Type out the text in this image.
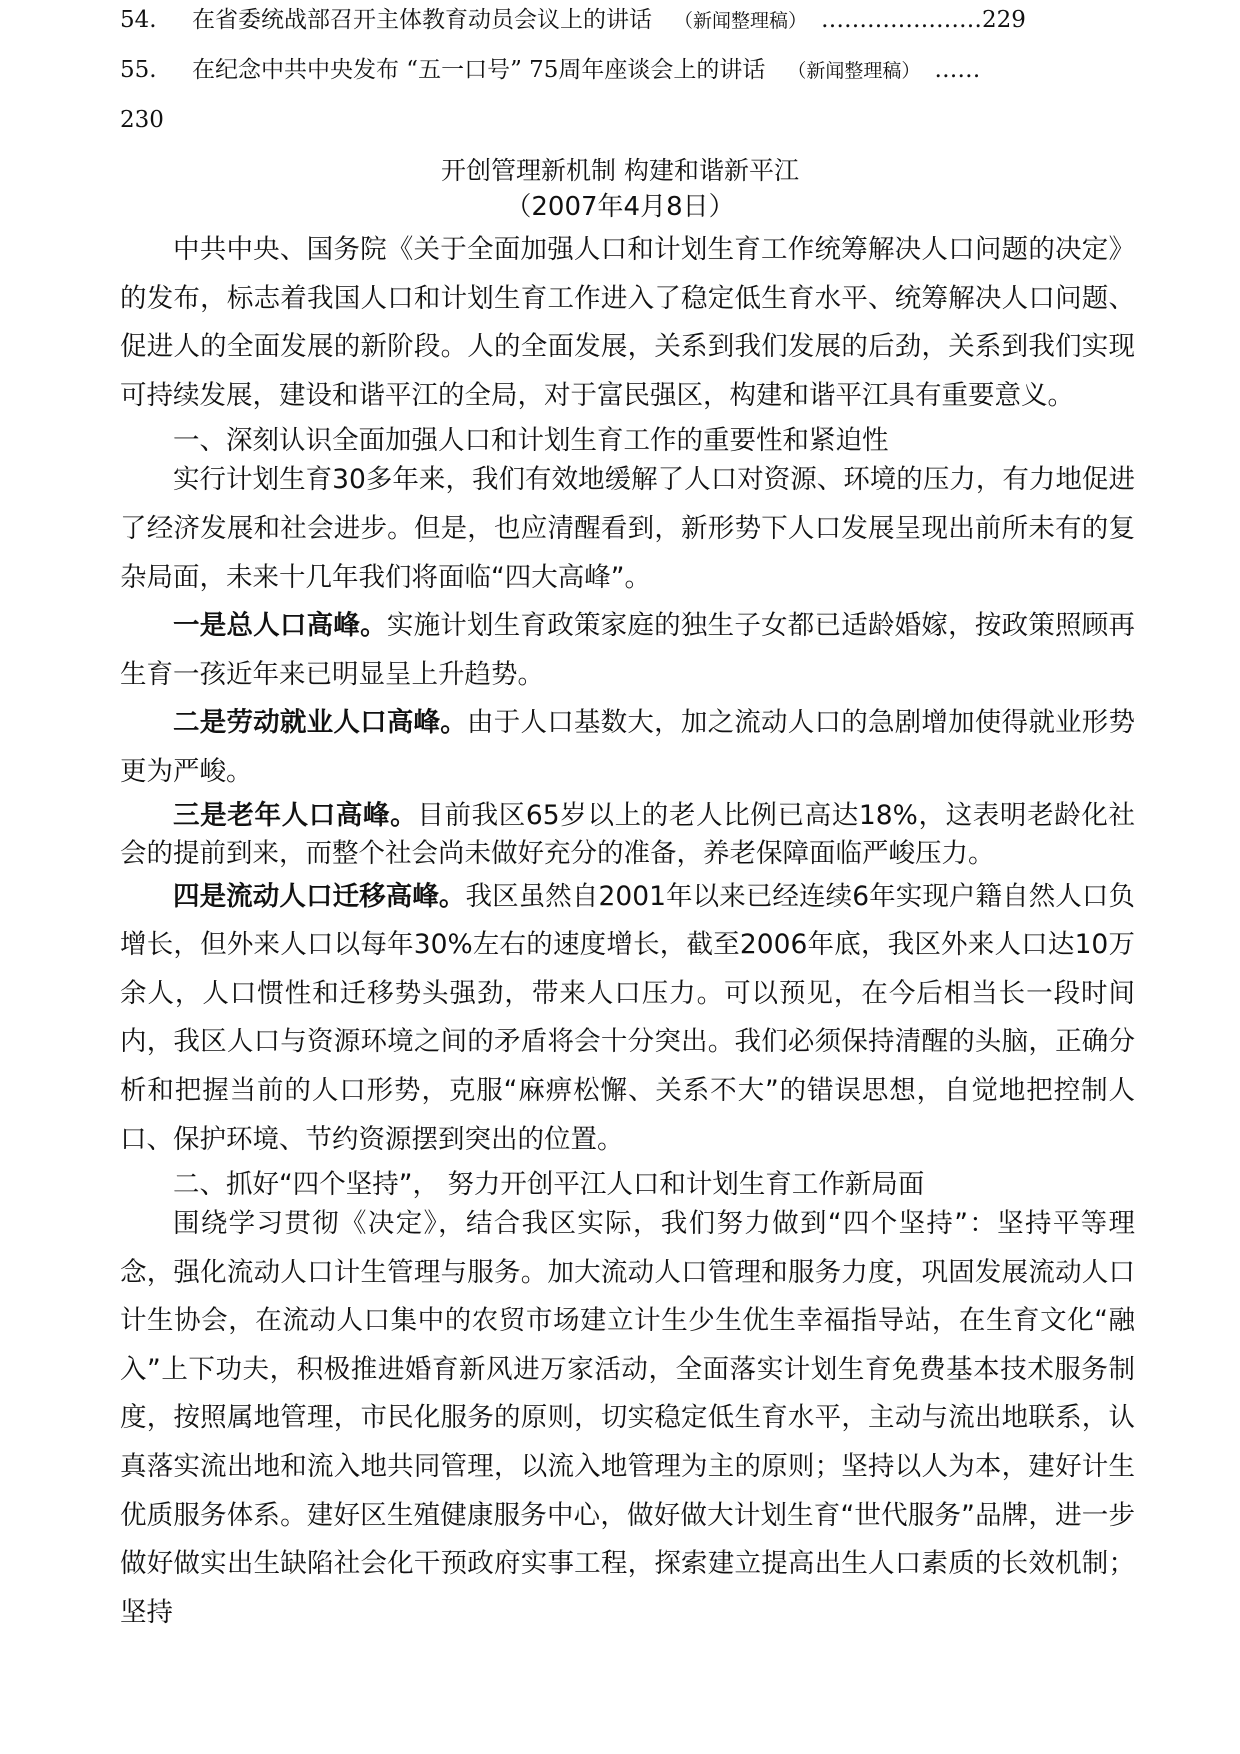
54. 在省委统战部召开主体教育动员会议上的讲话 （新闻整理稿） …………………229
55. 在纪念中共中央发布 “五一口号” 75周年座谈会上的讲话 （新闻整理稿） ……
230
开创管理新机制 构建和谐新平江
（2007年4月8日）

中共中央、国务院《关于全面加强人口和计划生育工作统筹解决人口问题的决定》的发布，标志着我国人口和计划生育工作进入了稳定低生育水平、统筹解决人口问题、促进人的全面发展的新阶段。人的全面发展，关系到我们发展的后劲，关系到我们实现可持续发展，建设和谐平江的全局，对于富民强区，构建和谐平江具有重要意义。

一、深刻认识全面加强人口和计划生育工作的重要性和紧迫性

实行计划生育30多年来，我们有效地缓解了人口对资源、环境的压力，有力地促进了经济发展和社会进步。但是，也应清醒看到，新形势下人口发展呈现出前所未有的复杂局面，未来十几年我们将面临“四大高峰”。

一是总人口高峰。实施计划生育政策家庭的独生子女都已适龄婚嫁，按政策照顾再生育一孩近年来已明显呈上升趋势。

二是劳动就业人口高峰。由于人口基数大，加之流动人口的急剧增加使得就业形势更为严峻。

三是老年人口高峰。目前我区65岁以上的老人比例已高达18%，这表明老龄化社会的提前到来，而整个社会尚未做好充分的准备，养老保障面临严峻压力。

四是流动人口迁移高峰。我区虽然自2001年以来已经连续6年实现户籍自然人口负增长，但外来人口以每年30%左右的速度增长，截至2006年底，我区外来人口达10万余人，人口惯性和迁移势头强劲，带来人口压力。可以预见，在今后相当长一段时间内，我区人口与资源环境之间的矛盾将会十分突出。我们必须保持清醒的头脑，正确分析和把握当前的人口形势，克服“麻痹松懈、关系不大”的错误思想，自觉地把控制人口、保护环境、节约资源摆到突出的位置。

二、抓好“四个坚持”， 努力开创平江人口和计划生育工作新局面

围绕学习贯彻《决定》，结合我区实际，我们努力做到“四个坚持”：坚持平等理念，强化流动人口计生管理与服务。加大流动人口管理和服务力度，巩固发展流动人口计生协会，在流动人口集中的农贸市场建立计生少生优生幸福指导站，在生育文化“融入”上下功夫，积极推进婚育新风进万家活动，全面落实计划生育免费基本技术服务制度，按照属地管理，市民化服务的原则，切实稳定低生育水平，主动与流出地联系，认真落实流出地和流入地共同管理，以流入地管理为主的原则；坚持以人为本，建好计生优质服务体系。建好区生殖健康服务中心，做好做大计划生育“世代服务”品牌，进一步做好做实出生缺陷社会化干预政府实事工程，探索建立提高出生人口素质的长效机制；坚持
